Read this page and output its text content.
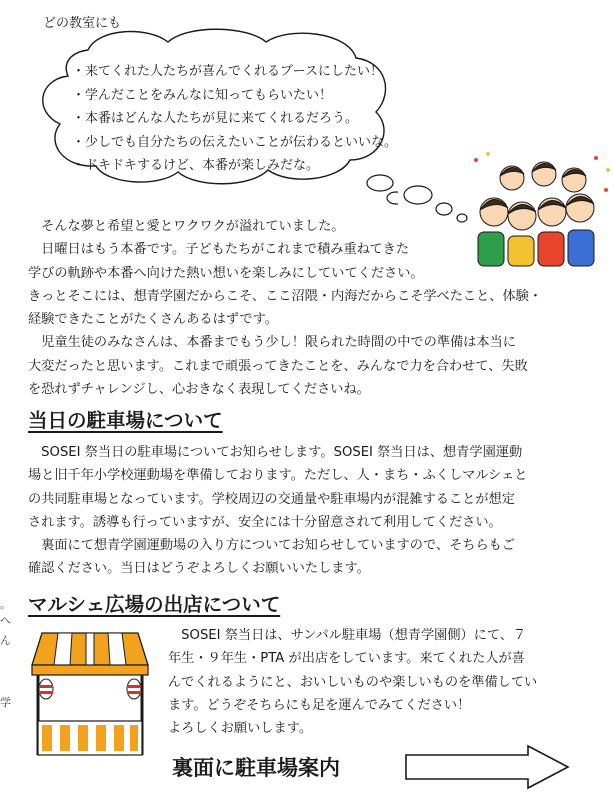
。
へ
ん
学
どの教室にも
・来てくれた人たちが喜んでくれるブースにしたい！
・学んだことをみんなに知ってもらいたい！
・本番はどんな人たちが見に来てくれるだろう。
・少しでも自分たちの伝えたいことが伝わるといいな。
・ドキドキするけど、本番が楽しみだな。
　そんな夢と希望と愛とワクワクが溢れていました。
　日曜日はもう本番です。子どもたちがこれまで積み重ねてきた
学びの軌跡や本番へ向けた熱い想いを楽しみにしていてください。
きっとそこには、想青学園だからこそ、ここ沼隈・内海だからこそ学べたこと、体験・
経験できたことがたくさんあるはずです。
　児童生徒のみなさんは、本番までもう少し！限られた時間の中での準備は本当に
大変だったと思います。これまで頑張ってきたことを、みんなで力を合わせて、失敗
を恐れずチャレンジし、心おきなく表現してくださいね。
当日の駐車場について
　SOSEI 祭当日の駐車場についてお知らせします。SOSEI 祭当日は、想青学園運動
場と旧千年小学校運動場を準備しております。ただし、人・まち・ふくしマルシェと
の共同駐車場となっています。学校周辺の交通量や駐車場内が混雑することが想定
されます。誘導も行っていますが、安全には十分留意されて利用してください。
　裏面にて想青学園運動場の入り方についてお知らせしていますので、そちらもご
確認ください。当日はどうぞよろしくお願いいたします。
マルシェ広場の出店について
　SOSEI 祭当日は、サンパル駐車場（想青学園側）にて、７
年生・９年生・PTA が出店をしています。来てくれた人が喜
んでくれるようにと、おいしいものや楽しいものを準備してい
ます。どうぞそちらにも足を運んでみてください！
よろしくお願いします。
裏面に駐車場案内
